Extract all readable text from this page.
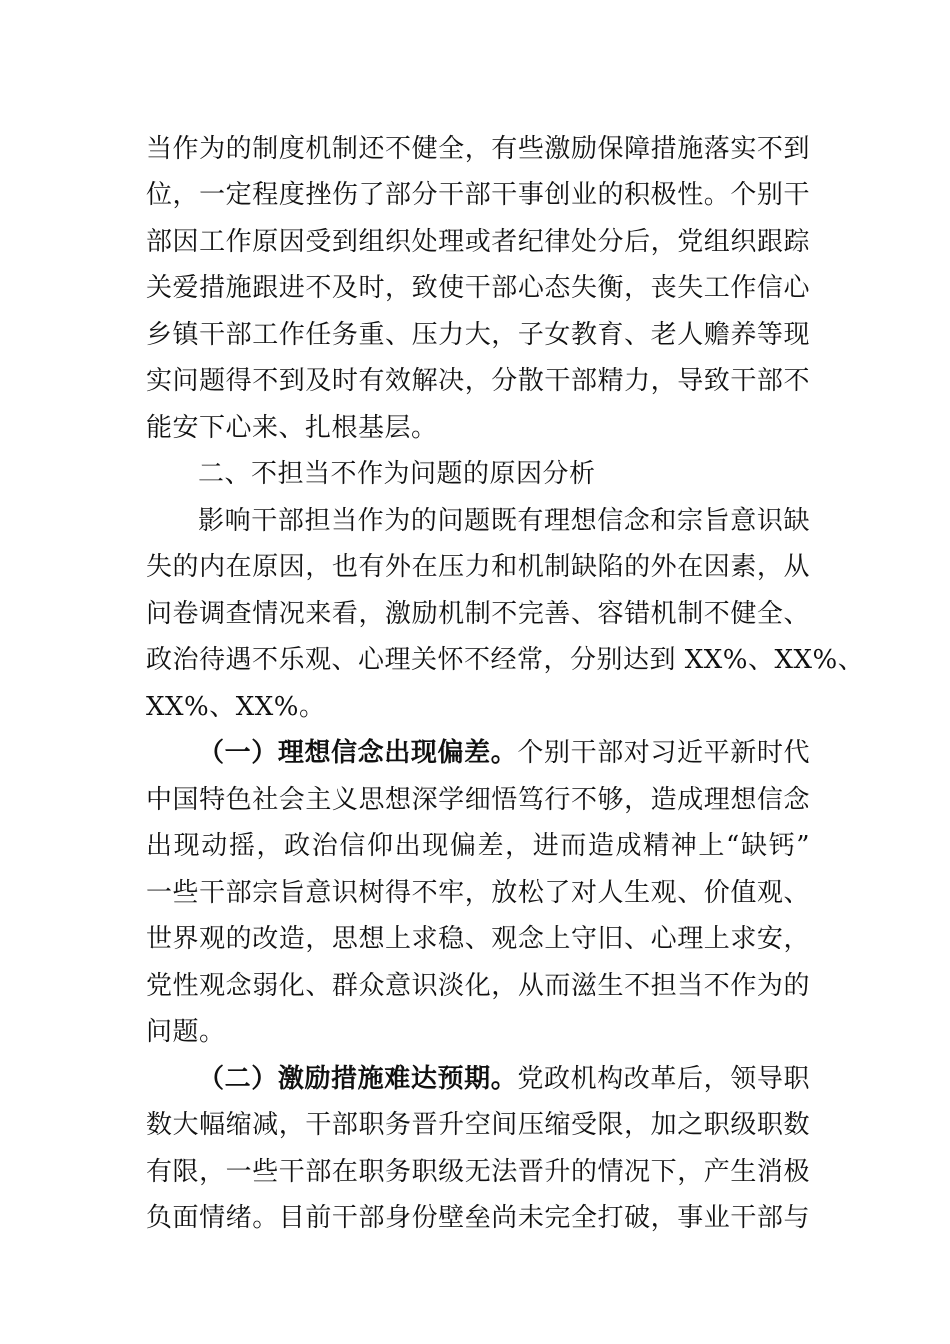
当作为的制度机制还不健全，有些激励保障措施落实不到
位，一定程度挫伤了部分干部干事创业的积极性。个别干
部因工作原因受到组织处理或者纪律处分后，党组织跟踪
关爱措施跟进不及时，致使干部心态失衡，丧失工作信心
乡镇干部工作任务重、压力大，子女教育、老人赡养等现
实问题得不到及时有效解决，分散干部精力，导致干部不
能安下心来、扎根基层。
二、不担当不作为问题的原因分析
影响干部担当作为的问题既有理想信念和宗旨意识缺
失的内在原因，也有外在压力和机制缺陷的外在因素，从
问卷调查情况来看，激励机制不完善、容错机制不健全、
政治待遇不乐观、心理关怀不经常，分别达到 XX%、XX%、
XX%、XX%。
（一）理想信念出现偏差。个别干部对习近平新时代
中国特色社会主义思想深学细悟笃行不够，造成理想信念
出现动摇，政治信仰出现偏差，进而造成精神上“缺钙”
一些干部宗旨意识树得不牢，放松了对人生观、价值观、
世界观的改造，思想上求稳、观念上守旧、心理上求安，
党性观念弱化、群众意识淡化，从而滋生不担当不作为的
问题。
（二）激励措施难达预期。党政机构改革后，领导职
数大幅缩减，干部职务晋升空间压缩受限，加之职级职数
有限，一些干部在职务职级无法晋升的情况下，产生消极
负面情绪。目前干部身份壁垒尚未完全打破，事业干部与
